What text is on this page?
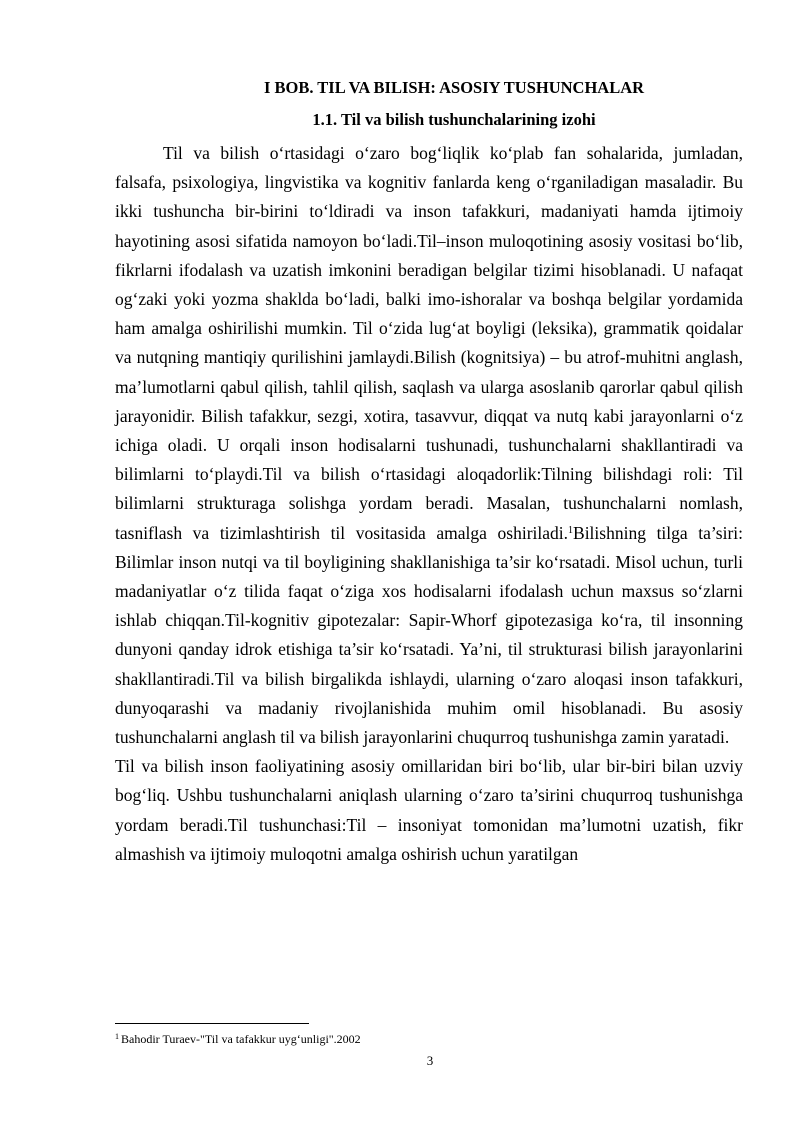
I BOB. TIL VA BILISH: ASOSIY TUSHUNCHALAR
1.1. Til va bilish tushunchalarining izohi

Til va bilish o‘rtasidagi o‘zaro bog‘liqlik ko‘plab fan sohalarida, jumladan, falsafa, psixologiya, lingvistika va kognitiv fanlarda keng o‘rganiladigan masaladir. Bu ikki tushuncha bir-birini to‘ldiradi va inson tafakkuri, madaniyati hamda ijtimoiy hayotining asosi sifatida namoyon bo‘ladi.Til–inson muloqotining asosiy vositasi bo‘lib, fikrlarni ifodalash va uzatish imkonini beradigan belgilar tizimi hisoblanadi. U nafaqat og‘zaki yoki yozma shaklda bo‘ladi, balki imo-ishoralar va boshqa belgilar yordamida ham amalga oshirilishi mumkin. Til o‘zida lug‘at boyligi (leksika), grammatik qoidalar va nutqning mantiqiy qurilishini jamlaydi.Bilish (kognitsiya) – bu atrof-muhitni anglash, ma’lumotlarni qabul qilish, tahlil qilish, saqlash va ularga asoslanib qarorlar qabul qilish jarayonidir. Bilish tafakkur, sezgi, xotira, tasavvur, diqqat va nutq kabi jarayonlarni o‘z ichiga oladi. U orqali inson hodisalarni tushunadi, tushunchalarni shakllantiradi va bilimlarni to‘playdi.Til va bilish o‘rtasidagi aloqadorlik:Tilning bilishdagi roli: Til bilimlarni strukturaga solishga yordam beradi. Masalan, tushunchalarni nomlash, tasniflash va tizimlashtirish til vositasida amalga oshiriladi.$^1$Bilishning tilga ta’siri: Bilimlar inson nutqi va til boyligining shakllanishiga ta’sir ko‘rsatadi. Misol uchun, turli madaniyatlar o‘z tilida faqat o‘ziga xos hodisalarni ifodalash uchun maxsus so‘zlarni ishlab chiqqan.Til-kognitiv gipotezalar: Sapir-Whorf gipotezasiga ko‘ra, til insonning dunyoni qanday idrok etishiga ta’sir ko‘rsatadi. Ya’ni, til strukturasi bilish jarayonlarini shakllantiradi.Til va bilish birgalikda ishlaydi, ularning o‘zaro aloqasi inson tafakkuri, dunyoqarashi va madaniy rivojlanishida muhim omil hisoblanadi. Bu asosiy tushunchalarni anglash til va bilish jarayonlarini chuqurroq tushunishga zamin yaratadi.

Til va bilish inson faoliyatining asosiy omillaridan biri bo‘lib, ular bir-biri bilan uzviy bog‘liq. Ushbu tushunchalarni aniqlash ularning o‘zaro ta’sirini chuqurroq tushunishga yordam beradi.Til tushunchasi:Til – insoniyat tomonidan ma’lumotni uzatish, fikr almashish va ijtimoiy muloqotni amalga oshirish uchun yaratilgan

$^1$ Bahodir Turaev-"Til va tafakkur uyg‘unligi".2002
3
